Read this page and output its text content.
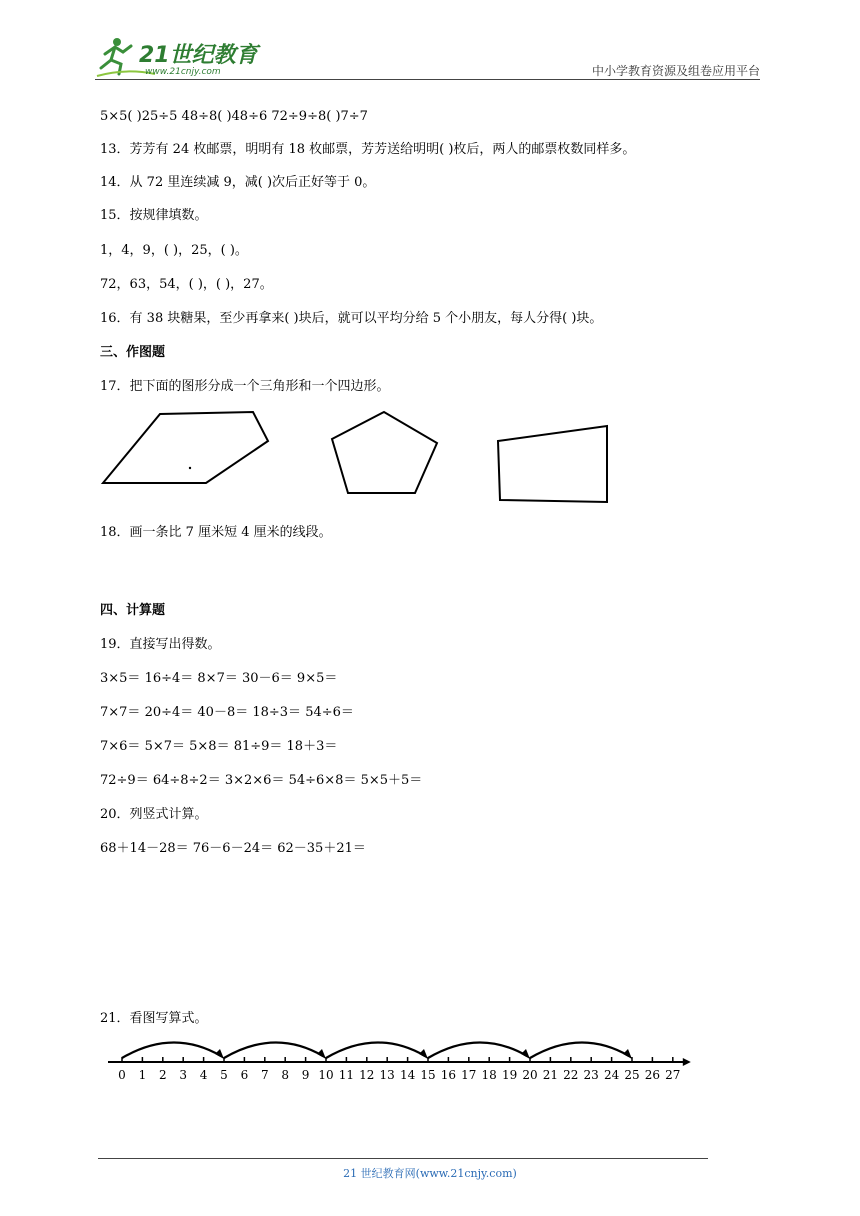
21世纪教育
www.21cnjy.com	中小学教育资源及组卷应用平台
5×5( )25÷5 48÷8( )48÷6 72÷9÷8( )7÷7
13．芳芳有 24 枚邮票，明明有 18 枚邮票，芳芳送给明明( )枚后，两人的邮票枚数同样多。
14．从 72 里连续减 9，减( )次后正好等于 0。
15．按规律填数。
1，4，9，( )，25，( )。
72，63，54，( )，( )，27。
16．有 38 块糖果，至少再拿来( )块后，就可以平均分给 5 个小朋友，每人分得( )块。
三、作图题
17．把下面的图形分成一个三角形和一个四边形。
18．画一条比 7 厘米短 4 厘米的线段。
四、计算题
19．直接写出得数。
3×5＝ 16÷4＝ 8×7＝ 30－6＝ 9×5＝
7×7＝ 20÷4＝ 40－8＝ 18÷3＝ 54÷6＝
7×6＝ 5×7＝ 5×8＝ 81÷9＝ 18＋3＝
72÷9＝ 64÷8÷2＝ 3×2×6＝ 54÷6×8＝ 5×5＋5＝
20．列竖式计算。
68＋14－28＝ 76－6－24＝ 62－35＋21＝
21．看图写算式。
0 1 2 3 4 5 6 7 8 9 10 11 12 13 14 15 16 17 18 19 20 21 22 23 24 25 26 27
21 世纪教育网(www.21cnjy.com)
